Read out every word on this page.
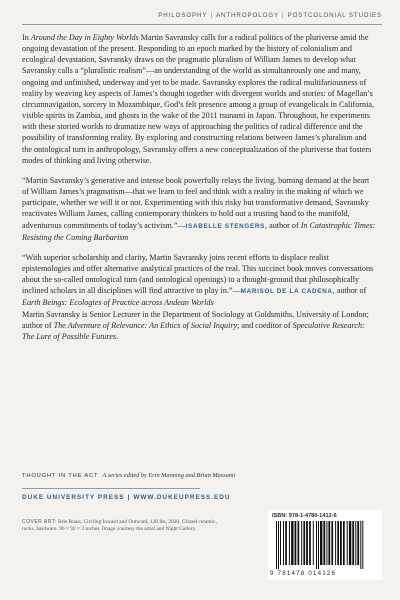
PHILOSOPHY | ANTHROPOLOGY | POSTCOLONIAL STUDIES

In Around the Day in Eighty Worlds Martin Savransky calls for a radical politics of the pluriverse amid the ongoing devastation of the present. Responding to an epoch marked by the history of colonialism and ecological devastation, Savransky draws on the pragmatic pluralism of William James to develop what Savransky calls a “pluralistic realism”—an understanding of the world as simultaneously one and many, ongoing and unfinished, underway and yet to be made. Savransky explores the radical multifariousness of reality by weaving key aspects of James’s thought together with divergent worlds and stories: of Magellan’s circumnavigation, sorcery in Mozambique, God’s felt presence among a group of evangelicals in California, visible spirits in Zambia, and ghosts in the wake of the 2011 tsunami in Japan. Throughout, he experiments with these storied worlds to dramatize new ways of approaching the politics of radical difference and the possibility of transforming reality. By exploring and constructing relations between James’s pluralism and the ontological turn in anthropology, Savransky offers a new conceptualization of the pluriverse that fosters modes of thinking and living otherwise.

“Martin Savransky’s generative and intense book powerfully relays the living, burning demand at the heart of William James’s pragmatism—that we learn to feel and think with a reality in the making of which we participate, whether we will it or not. Experimenting with this risky but transformative demand, Savransky reactivates William James, calling contemporary thinkers to hold out a trusting hand to the manifold, adventurous commitments of today’s activism.”—ISABELLE STENGERS, author of In Catastrophic Times: Resisting the Coming Barbarism

“With superior scholarship and clarity, Martin Savransky joins recent efforts to displace realist epistemologies and offer alternative analytical practices of the real. This succinct book moves conversations about the so-called ontological turn (and ontological openings) to a thought-ground that philosophically inclined scholars in all disciplines will find attractive to play in.”—MARISOL DE LA CADENA, author of Earth Beings: Ecologies of Practice across Andean Worlds

Martin Savransky is Senior Lecturer in the Department of Sociology at Goldsmiths, University of London; author of The Adventure of Relevance: An Ethics of Social Inquiry; and coeditor of Speculative Research: The Lure of Possible Futures.

THOUGHT IN THE ACT A series edited by Erin Manning and Brian Massumi
DUKE UNIVERSITY PRESS | WWW.DUKEUPRESS.EDU
COVER ART: Brie Ruais, Circling Inward and Outward, 128 lbs, 2020. Glazed ceramic, rocks, hardware. 96 × 92 × 3 inches. Image courtesy the artist and Night Gallery.
ISBN: 978-1-4780-1412-6
9 781478 014126
